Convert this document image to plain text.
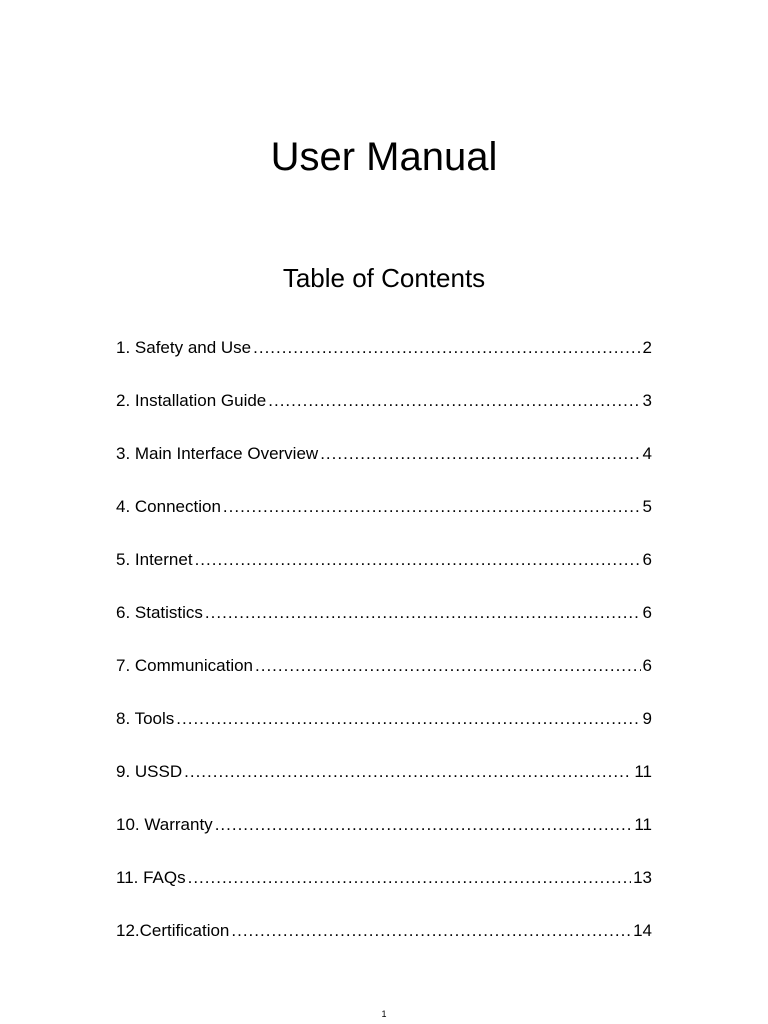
User Manual
Table of Contents
1. Safety and Use .....	2
2. Installation Guide .....	3
3. Main Interface Overview .....	4
4. Connection .....	5
5. Internet .....	6
6. Statistics .....	6
7. Communication .....	6
8. Tools .....	9
9. USSD .....	11
10. Warranty .....	11
11. FAQs .....	13
12.Certification .....	14
1
